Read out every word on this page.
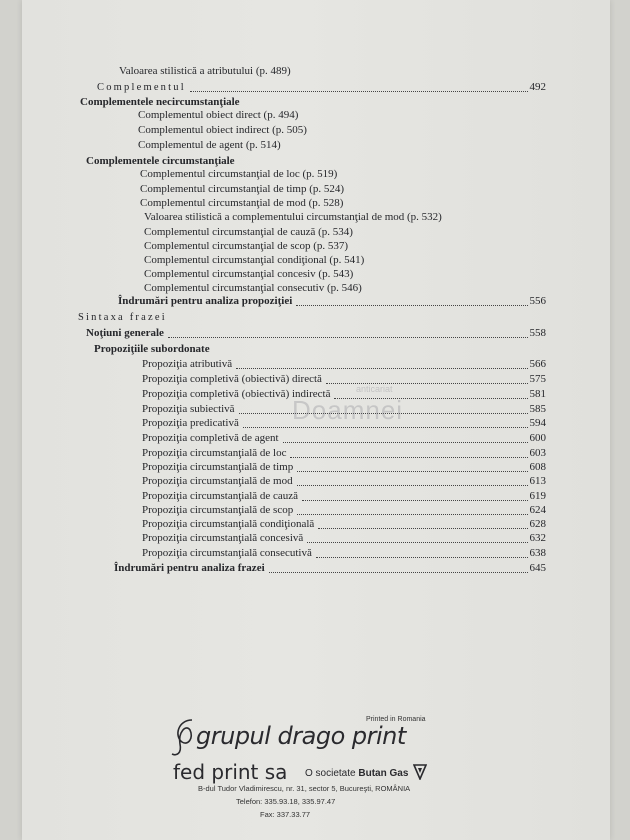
Valoarea stilistică a atributului (p. 489)
Complementul	492
Complementele necircumstanţiale
Complementul obiect direct (p. 494)
Complementul obiect indirect (p. 505)
Complementul de agent (p. 514)
Complementele circumstanţiale
Complementul circumstanţial de loc (p. 519)
Complementul circumstanţial de timp (p. 524)
Complementul circumstanţial de mod (p. 528)
Valoarea stilistică a complementului circumstanţial de mod (p. 532)
Complementul circumstanţial de cauză (p. 534)
Complementul circumstanţial de scop (p. 537)
Complementul circumstanţial condiţional (p. 541)
Complementul circumstanţial concesiv (p. 543)
Complementul circumstanţial consecutiv (p. 546)
Îndrumări pentru analiza propoziţiei	556
Sintaxa frazei
Noţiuni generale	558
Propoziţiile subordonate
Propoziţia atributivă	566
Propoziţia completivă (obiectivă) directă	575
Propoziţia completivă (obiectivă) indirectă	581
Propoziţia subiectivă	585
Propoziţia predicativă	594
Propoziţia completivă de agent	600
Propoziţia circumstanţială de loc	603
Propoziţia circumstanţială de timp	608
Propoziţia circumstanţială de mod	613
Propoziţia circumstanţială de cauză	619
Propoziţia circumstanţială de scop	624
Propoziţia circumstanţială condiţională	628
Propoziţia circumstanţială concesivă	632
Propoziţia circumstanţială consecutivă	638
Îndrumări pentru analiza frazei	645
anticariat
Doamnei
grupul drago print
Printed in Romania
fed print sa O societate Butan Gas
B-dul Tudor Vladimirescu, nr. 31, sector 5, Bucureşti, ROMÂNIA
Telefon: 335.93.18, 335.97.47
Fax: 337.33.77
